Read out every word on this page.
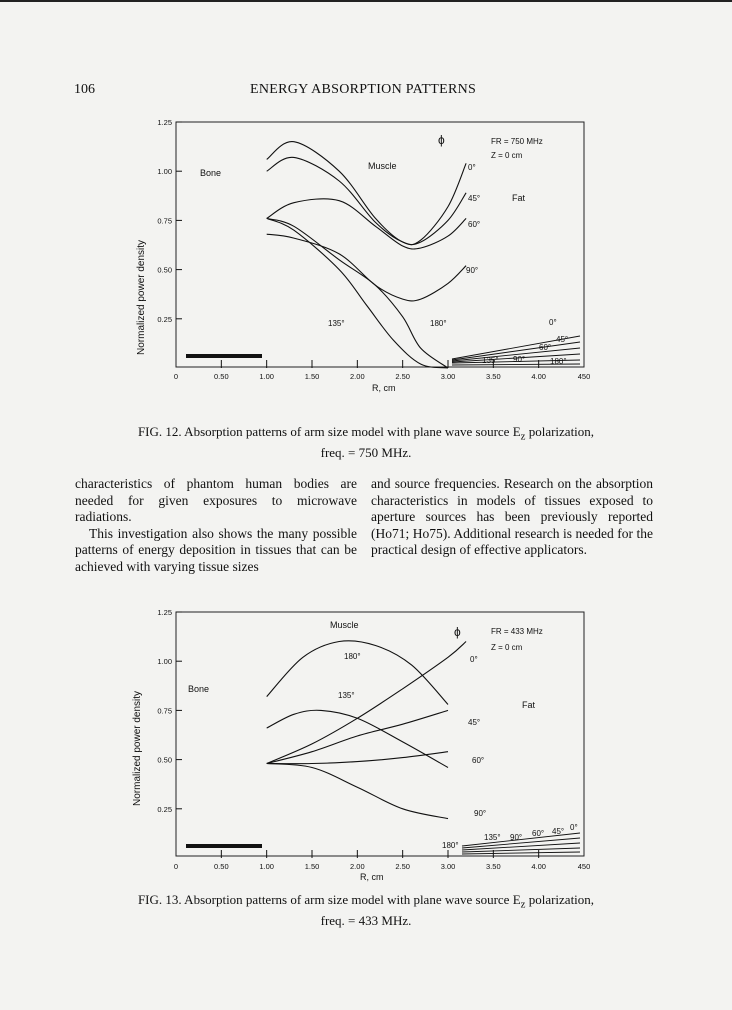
106	ENERGY ABSORPTION PATTERNS
1.25
1.00
0.75
0.50
0.25
0	0.50	1.00	1.50	2.00	2.50	3.00	3.50	4.00	450
Normalized power density
R, cm
ϕ	FR = 750 MHz
Z = 0 cm
Bone
Muscle
Fat
0°
45°
60°
90°
180°
135°	0°
45°
60°
135° 90°	180°
FIG. 12. Absorption patterns of arm size model with plane wave source $E_z$ polarization,
freq. = 750 MHz.

characteristics of phantom human bodies are needed for given exposures to microwave radiations.

This investigation also shows the many possible patterns of energy deposition in tissues that can be achieved with varying tissue sizes

and source frequencies. Research on the absorption characteristics in models of tissues exposed to aperture sources has been previously reported (Ho71; Ho75). Additional research is needed for the practical design of effective applicators.

1.25
1.00
0.75
0.50
0.25
0	0.50	1.00	1.50	2.00	2.50	3.00	3.50	4.00	450
Normalized power density
R, cm
ϕ	FR = 433 MHz
Z = 0 cm
Bone
Muscle
Fat
0°
45°
60°
90°
180°
135°
180°
135° 90° 60° 45° 0°
FIG. 13. Absorption patterns of arm size model with plane wave source $E_z$ polarization,
freq. = 433 MHz.
